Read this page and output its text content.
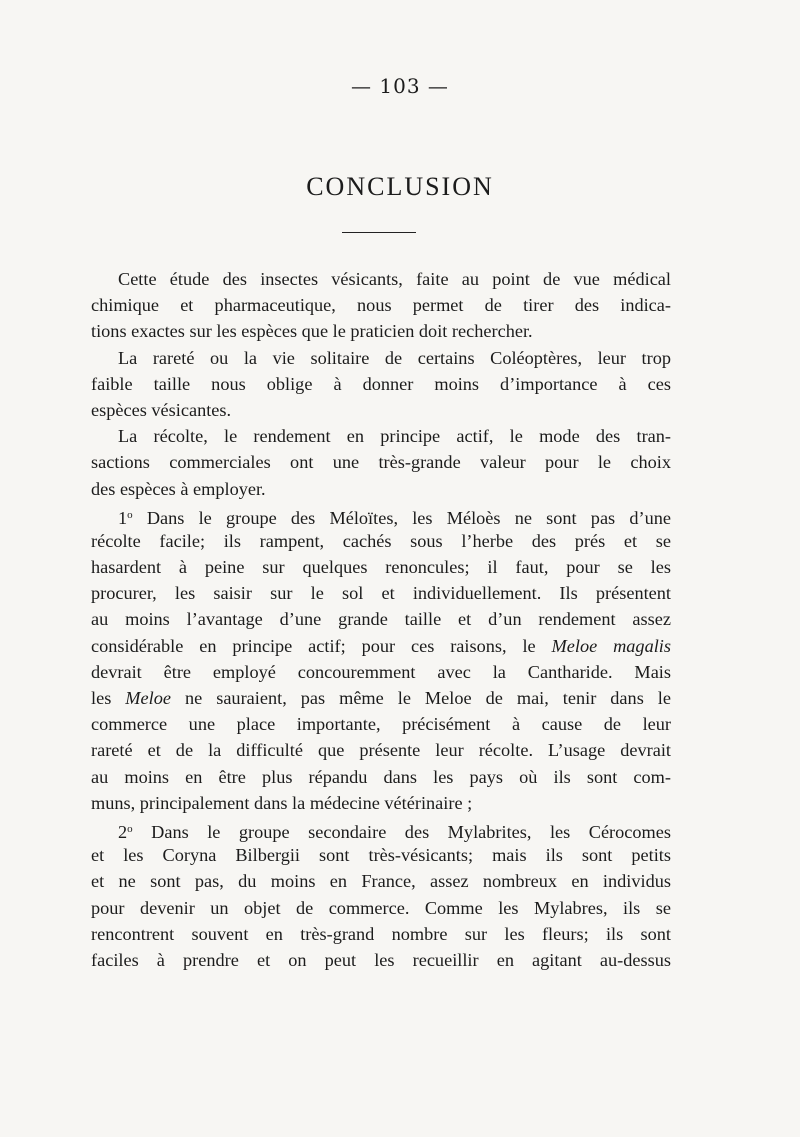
— 103 —
CONCLUSION
Cette étude des insectes vésicants, faite au point de vue médical
chimique et pharmaceutique, nous permet de tirer des indica-
tions exactes sur les espèces que le praticien doit rechercher.
La rareté ou la vie solitaire de certains Coléoptères, leur trop
faible taille nous oblige à donner moins d’importance à ces
espèces vésicantes.
La récolte, le rendement en principe actif, le mode des tran-
sactions commerciales ont une très-grande valeur pour le choix
des espèces à employer.
1$^o$ Dans le groupe des Méloïtes, les Méloès ne sont pas d’une
récolte facile; ils rampent, cachés sous l’herbe des prés et se
hasardent à peine sur quelques renoncules; il faut, pour se les
procurer, les saisir sur le sol et individuellement. Ils présentent
au moins l’avantage d’une grande taille et d’un rendement assez
considérable en principe actif; pour ces raisons, le Meloe magalis
devrait être employé concouremment avec la Cantharide. Mais
les Meloe ne sauraient, pas même le Meloe de mai, tenir dans le
commerce une place importante, précisément à cause de leur
rareté et de la difficulté que présente leur récolte. L’usage devrait
au moins en être plus répandu dans les pays où ils sont com-
muns, principalement dans la médecine vétérinaire ;
2$^o$ Dans le groupe secondaire des Mylabrites, les Cérocomes
et les Coryna Bilbergii sont très-vésicants; mais ils sont petits
et ne sont pas, du moins en France, assez nombreux en individus
pour devenir un objet de commerce. Comme les Mylabres, ils se
rencontrent souvent en très-grand nombre sur les fleurs; ils sont
faciles à prendre et on peut les recueillir en agitant au-dessus
